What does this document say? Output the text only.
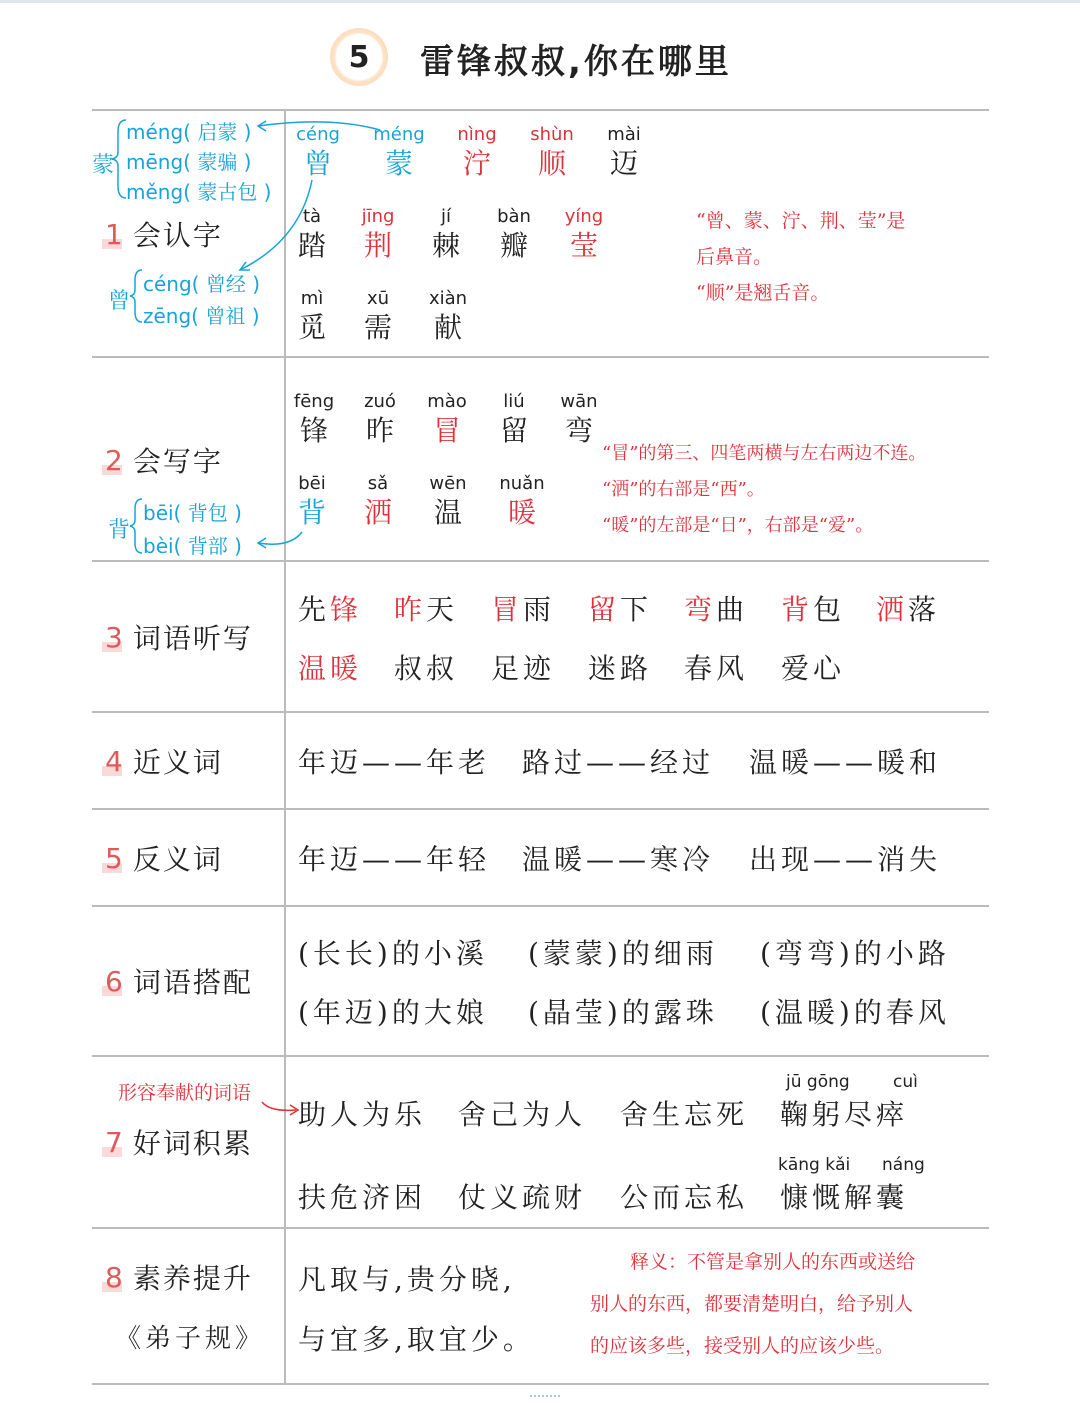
5 雷锋叔叔,你在哪里
1 会认字
2 会写字
3 词语听写
4 近义词
5 反义词
6 词语搭配
7 好词积累
8 素养提升
《弟子规》
蒙
méng( 启蒙 )
mēng( 蒙骗 )
měng( 蒙古包 )
曾
céng( 曾经 )
zēng( 曾祖 )
céng
曾
méng
蒙
nìng
泞
shùn
顺
mài
迈
tà
踏
jīng
荆
jí
棘
bàn
瓣
yíng
莹
mì
觅
xū
需
xiàn
献
“曾、蒙、泞、荆、莹”是
后鼻音。
“顺”是翘舌音。
背
bēi( 背包 )
bèi( 背部 )
fēng
锋
zuó
昨
mào
冒
liú
留
wān
弯
bēi
背
sǎ
洒
wēn
温
nuǎn
暖
“冒”的第三、四笔两横与左右两边不连。
“洒”的右部是“西”。
“暖”的左部是“日”，右部是“爱”。
先锋 昨天 冒雨 留下 弯曲 背包 洒落
温暖 叔叔 足迹 迷路 春风 爱心
年迈——年老 路过——经过 温暖——暖和
年迈——年轻 温暖——寒冷 出现——消失
(长长)的小溪 (蒙蒙)的细雨 (弯弯)的小路
(年迈)的大娘 (晶莹)的露珠 (温暖)的春风
形容奉献的词语	jū gōng	cuì
助人为乐 舍己为人 舍生忘死 鞠躬尽瘁
kāng kǎi náng
扶危济困 仗义疏财 公而忘私 慷慨解囊
凡取与,贵分晓,
与宜多,取宜少。
释义：不管是拿别人的东西或送给
别人的东西，都要清楚明白，给予别人
的应该多些，接受别人的应该少些。
